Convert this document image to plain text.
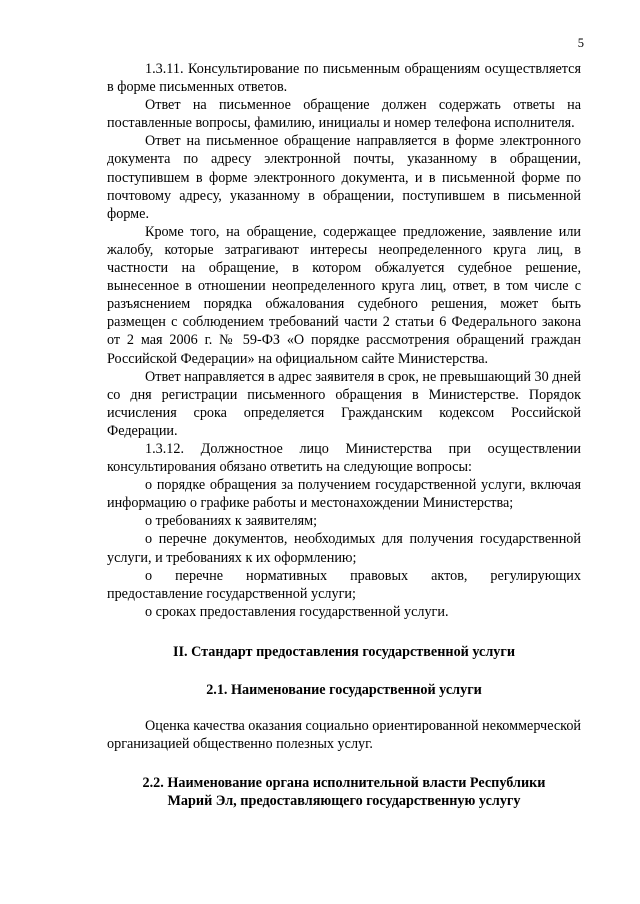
5

1.3.11. Консультирование по письменным обращениям осуществляется в форме письменных ответов.

Ответ на письменное обращение должен содержать ответы на поставленные вопросы, фамилию, инициалы и номер телефона исполнителя.

Ответ на письменное обращение направляется в форме электронного документа по адресу электронной почты, указанному в обращении, поступившем в форме электронного документа, и в письменной форме по почтовому адресу, указанному в обращении, поступившем в письменной форме.

Кроме того, на обращение, содержащее предложение, заявление или жалобу, которые затрагивают интересы неопределенного круга лиц, в частности на обращение, в котором обжалуется судебное решение, вынесенное в отношении неопределенного круга лиц, ответ, в том числе с разъяснением порядка обжалования судебного решения, может быть размещен с соблюдением требований части 2 статьи 6 Федерального закона от 2 мая 2006 г. № 59-ФЗ «О порядке рассмотрения обращений граждан Российской Федерации» на официальном сайте Министерства.

Ответ направляется в адрес заявителя в срок, не превышающий 30 дней со дня регистрации письменного обращения в Министерстве. Порядок исчисления срока определяется Гражданским кодексом Российской Федерации.

1.3.12. Должностное лицо Министерства при осуществлении консультирования обязано ответить на следующие вопросы:

о порядке обращения за получением государственной услуги, включая информацию о графике работы и местонахождении Министерства;

о требованиях к заявителям;

о перечне документов, необходимых для получения государственной услуги, и требованиях к их оформлению;

о перечне нормативных правовых актов, регулирующих предоставление государственной услуги;

о сроках предоставления государственной услуги.

II. Стандарт предоставления государственной услуги

2.1. Наименование государственной услуги

Оценка качества оказания социально ориентированной некоммерческой организацией общественно полезных услуг.

2.2. Наименование органа исполнительной власти Республики
Марий Эл, предоставляющего государственную услугу
